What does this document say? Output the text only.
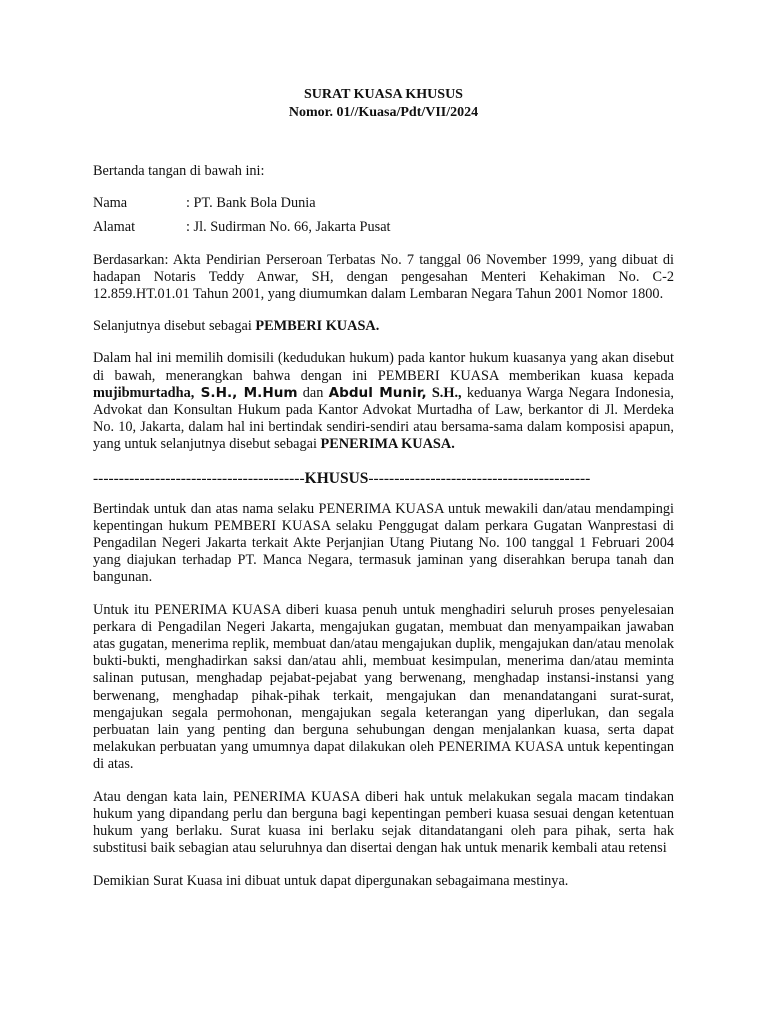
SURAT KUASA KHUSUS
Nomor. 01//Kuasa/Pdt/VII/2024

Bertanda tangan di bawah ini:

Nama	: PT. Bank Bola Dunia
Alamat	: Jl. Sudirman No. 66, Jakarta Pusat

Berdasarkan: Akta Pendirian Perseroan Terbatas No. 7 tanggal 06 November 1999, yang dibuat di hadapan Notaris Teddy Anwar, SH, dengan pengesahan Menteri Kehakiman No. C-2 12.859.HT.01.01 Tahun 2001, yang diumumkan dalam Lembaran Negara Tahun 2001 Nomor 1800.

Selanjutnya disebut sebagai PEMBERI KUASA.

Dalam hal ini memilih domisili (kedudukan hukum) pada kantor hukum kuasanya yang akan disebut di bawah, menerangkan bahwa dengan ini PEMBERI KUASA memberikan kuasa kepada mujibmurtadha, S.H., M.Hum dan Abdul Munir, S.H., keduanya Warga Negara Indonesia, Advokat dan Konsultan Hukum pada Kantor Advokat Murtadha of Law, berkantor di Jl. Merdeka No. 10, Jakarta, dalam hal ini bertindak sendiri-sendiri atau bersama-sama dalam komposisi apapun, yang untuk selanjutnya disebut sebagai PENERIMA KUASA.

-----------------------------------------KHUSUS-------------------------------------------

Bertindak untuk dan atas nama selaku PENERIMA KUASA untuk mewakili dan/atau mendampingi kepentingan hukum PEMBERI KUASA selaku Penggugat dalam perkara Gugatan Wanprestasi di Pengadilan Negeri Jakarta terkait Akte Perjanjian Utang Piutang No. 100 tanggal 1 Februari 2004 yang diajukan terhadap PT. Manca Negara, termasuk jaminan yang diserahkan berupa tanah dan bangunan.

Untuk itu PENERIMA KUASA diberi kuasa penuh untuk menghadiri seluruh proses penyelesaian perkara di Pengadilan Negeri Jakarta, mengajukan gugatan, membuat dan menyampaikan jawaban atas gugatan, menerima replik, membuat dan/atau mengajukan duplik, mengajukan dan/atau menolak bukti-bukti, menghadirkan saksi dan/atau ahli, membuat kesimpulan, menerima dan/atau meminta salinan putusan, menghadap pejabat-pejabat yang berwenang, menghadap instansi-instansi yang berwenang, menghadap pihak-pihak terkait, mengajukan dan menandatangani surat-surat, mengajukan segala permohonan, mengajukan segala keterangan yang diperlukan, dan segala perbuatan lain yang penting dan berguna sehubungan dengan menjalankan kuasa, serta dapat melakukan perbuatan yang umumnya dapat dilakukan oleh PENERIMA KUASA untuk kepentingan di atas.

Atau dengan kata lain, PENERIMA KUASA diberi hak untuk melakukan segala macam tindakan hukum yang dipandang perlu dan berguna bagi kepentingan pemberi kuasa sesuai dengan ketentuan hukum yang berlaku. Surat kuasa ini berlaku sejak ditandatangani oleh para pihak, serta hak substitusi baik sebagian atau seluruhnya dan disertai dengan hak untuk menarik kembali atau retensi

Demikian Surat Kuasa ini dibuat untuk dapat dipergunakan sebagaimana mestinya.
